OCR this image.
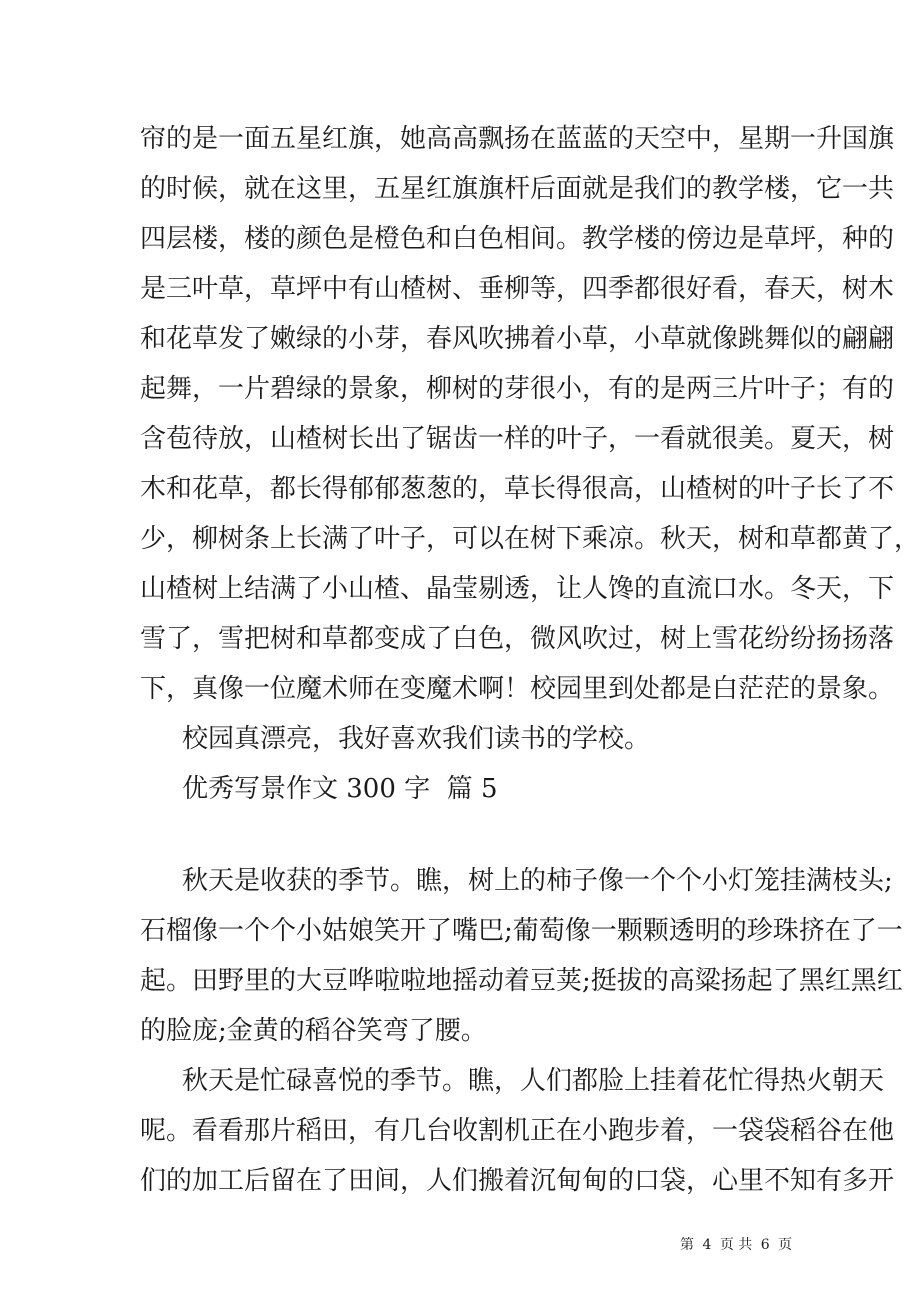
帘的是一面五星红旗，她高高飘扬在蓝蓝的天空中，星期一升国旗

的时候，就在这里，五星红旗旗杆后面就是我们的教学楼，它一共

四层楼，楼的颜色是橙色和白色相间。教学楼的傍边是草坪，种的

是三叶草，草坪中有山楂树、垂柳等，四季都很好看，春天，树木

和花草发了嫩绿的小芽，春风吹拂着小草，小草就像跳舞似的翩翩

起舞，一片碧绿的景象，柳树的芽很小，有的是两三片叶子；有的

含苞待放，山楂树长出了锯齿一样的叶子，一看就很美。夏天，树

木和花草，都长得郁郁葱葱的，草长得很高，山楂树的叶子长了不

少，柳树条上长满了叶子，可以在树下乘凉。秋天，树和草都黄了，

山楂树上结满了小山楂、晶莹剔透，让人馋的直流口水。冬天，下

雪了，雪把树和草都变成了白色，微风吹过，树上雪花纷纷扬扬落

下，真像一位魔术师在变魔术啊！校园里到处都是白茫茫的景象。

校园真漂亮，我好喜欢我们读书的学校。

优秀写景作文 300 字  篇 5

秋天是收获的季节。瞧，树上的柿子像一个个小灯笼挂满枝头;

石榴像一个个小姑娘笑开了嘴巴;葡萄像一颗颗透明的珍珠挤在了一

起。田野里的大豆哗啦啦地摇动着豆荚;挺拔的高粱扬起了黑红黑红

的脸庞;金黄的稻谷笑弯了腰。

秋天是忙碌喜悦的季节。瞧，人们都脸上挂着花忙得热火朝天

呢。看看那片稻田，有几台收割机正在小跑步着，一袋袋稻谷在他

们的加工后留在了田间，人们搬着沉甸甸的口袋，心里不知有多开

第 4 页 共 6 页
